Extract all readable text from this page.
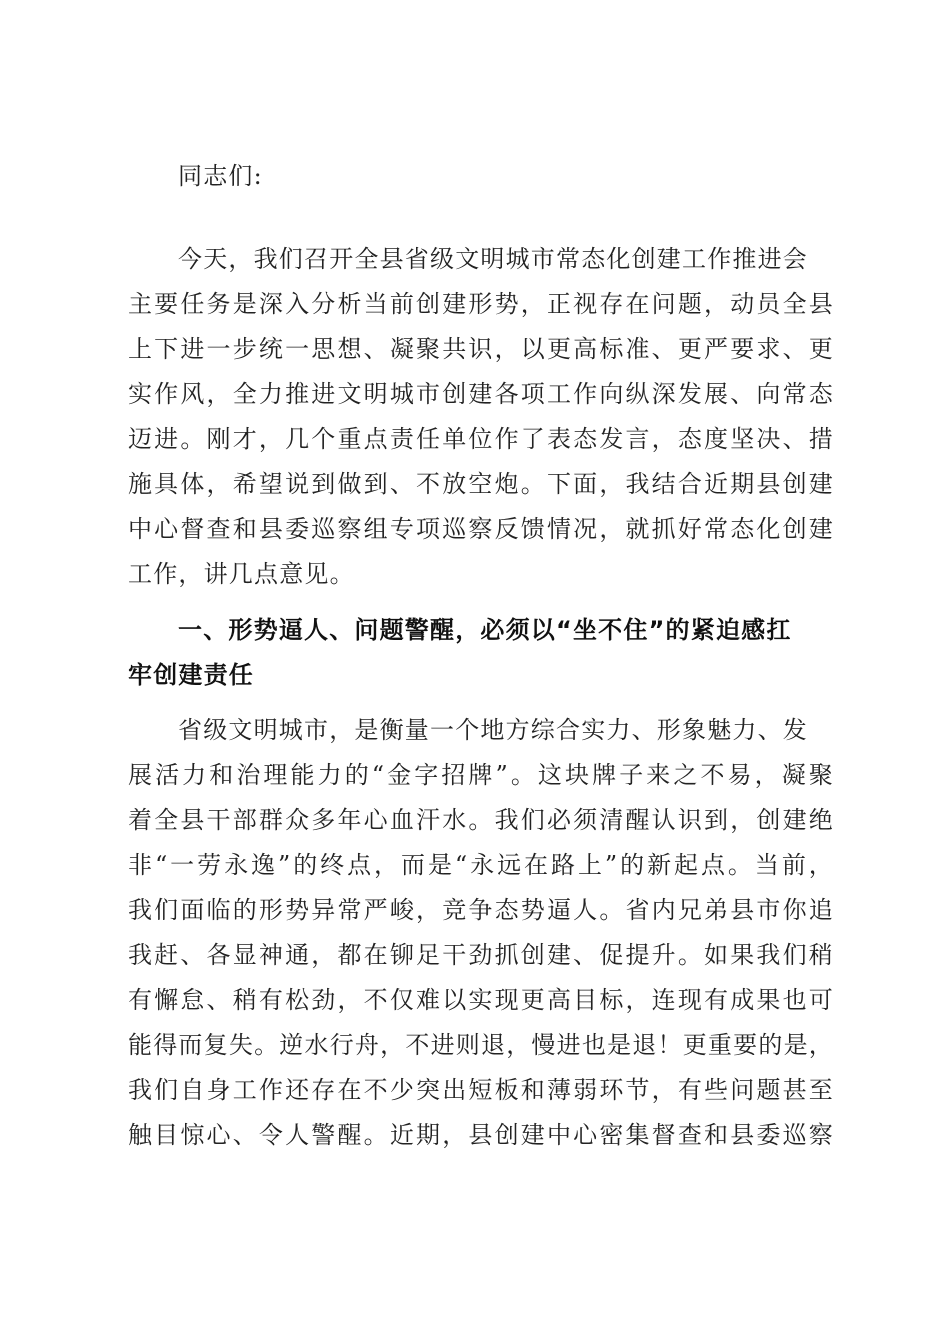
同志们:
今天，我们召开全县省级文明城市常态化创建工作推进会
主要任务是深入分析当前创建形势，正视存在问题，动员全县
上下进一步统一思想、凝聚共识，以更高标准、更严要求、更
实作风，全力推进文明城市创建各项工作向纵深发展、向常态
迈进。刚才，几个重点责任单位作了表态发言，态度坚决、措
施具体，希望说到做到、不放空炮。下面，我结合近期县创建
中心督查和县委巡察组专项巡察反馈情况，就抓好常态化创建
工作，讲几点意见。
一、形势逼人、问题警醒，必须以“坐不住”的紧迫感扛
牢创建责任
省级文明城市，是衡量一个地方综合实力、形象魅力、发
展活力和治理能力的“金字招牌”。这块牌子来之不易，凝聚
着全县干部群众多年心血汗水。我们必须清醒认识到，创建绝
非“一劳永逸”的终点，而是“永远在路上”的新起点。当前，
我们面临的形势异常严峻，竞争态势逼人。省内兄弟县市你追
我赶、各显神通，都在铆足干劲抓创建、促提升。如果我们稍
有懈怠、稍有松劲，不仅难以实现更高目标，连现有成果也可
能得而复失。逆水行舟，不进则退，慢进也是退！更重要的是，
我们自身工作还存在不少突出短板和薄弱环节，有些问题甚至
触目惊心、令人警醒。近期，县创建中心密集督查和县委巡察
